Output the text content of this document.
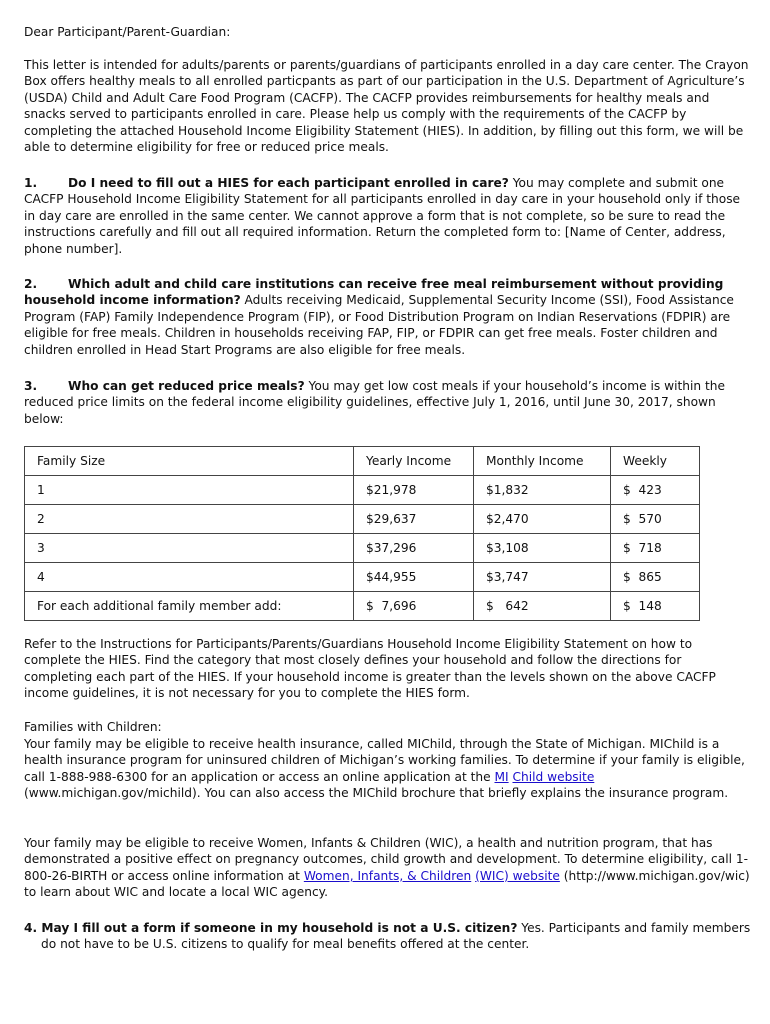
Dear Participant/Parent-Guardian:

This letter is intended for adults/parents or parents/guardians of participants enrolled in a day care center. The Crayon Box offers healthy meals to all enrolled particpants as part of our participation in the U.S. Department of Agriculture’s (USDA) Child and Adult Care Food Program (CACFP). The CACFP provides reimbursements for healthy meals and snacks served to participants enrolled in care. Please help us comply with the requirements of the CACFP by completing the attached Household Income Eligibility Statement (HIES). In addition, by filling out this form, we will be able to determine eligibility for free or reduced price meals.

1.	Do I need to fill out a HIES for each participant enrolled in care? You may complete and submit one CACFP Household Income Eligibility Statement for all participants enrolled in day care in your household only if those in day care are enrolled in the same center. We cannot approve a form that is not complete, so be sure to read the instructions carefully and fill out all required information. Return the completed form to: [Name of Center, address, phone number].

2.	Which adult and child care institutions can receive free meal reimbursement without providing household income information? Adults receiving Medicaid, Supplemental Security Income (SSI), Food Assistance Program (FAP) Family Independence Program (FIP), or Food Distribution Program on Indian Reservations (FDPIR) are eligible for free meals. Children in households receiving FAP, FIP, or FDPIR can get free meals. Foster children and children enrolled in Head Start Programs are also eligible for free meals.

3.	Who can get reduced price meals? You may get low cost meals if your household’s income is within the reduced price limits on the federal income eligibility guidelines, effective July 1, 2016, until June 30, 2017, shown below:

Family Size	Yearly Income	Monthly Income	Weekly
1	$21,978	$1,832	$  423
2	$29,637	$2,470	$  570
3	$37,296	$3,108	$  718
4	$44,955	$3,747	$  865
For each additional family member add:	$  7,696	$   642	$  148

Refer to the Instructions for Participants/Parents/Guardians Household Income Eligibility Statement on how to complete the HIES. Find the category that most closely defines your household and follow the directions for completing each part of the HIES. If your household income is greater than the levels shown on the above CACFP income guidelines, it is not necessary for you to complete the HIES form.

Families with Children:

Your family may be eligible to receive health insurance, called MIChild, through the State of Michigan. MIChild is a health insurance program for uninsured children of Michigan’s working families. To determine if your family is eligible, call 1-888-988-6300 for an application or access an online application at the MI Child website (www.michigan.gov/michild). You can also access the MIChild brochure that briefly explains the insurance program.

Your family may be eligible to receive Women, Infants & Children (WIC), a health and nutrition program, that has demonstrated a positive effect on pregnancy outcomes, child growth and development. To determine eligibility, call 1-800-26-BIRTH or access online information at Women, Infants, & Children (WIC) website (http://www.michigan.gov/wic) to learn about WIC and locate a local WIC agency.

4. May I fill out a form if someone in my household is not a U.S. citizen? Yes. Participants and family members do not have to be U.S. citizens to qualify for meal benefits offered at the center.
